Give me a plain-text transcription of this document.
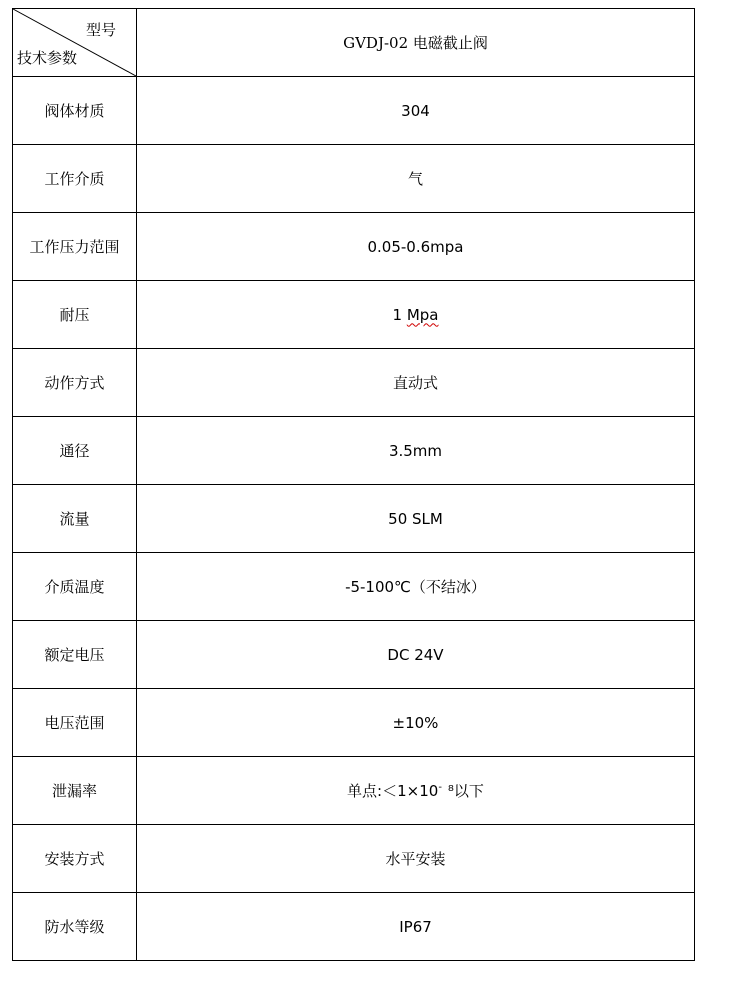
型号
技术参数	GVDJ-02 电磁截止阀
阀体材质	304
工作介质	气
工作压力范围	0.05-0.6mpa
耐压	1 Mpa
动作方式	直动式
通径	3.5mm
流量	50 SLM
介质温度	-5-100℃（不结冰）
额定电压	DC 24V
电压范围	±10%
泄漏率	单点:＜1×10- ⁸以下
安装方式	水平安装
防水等级	IP67
